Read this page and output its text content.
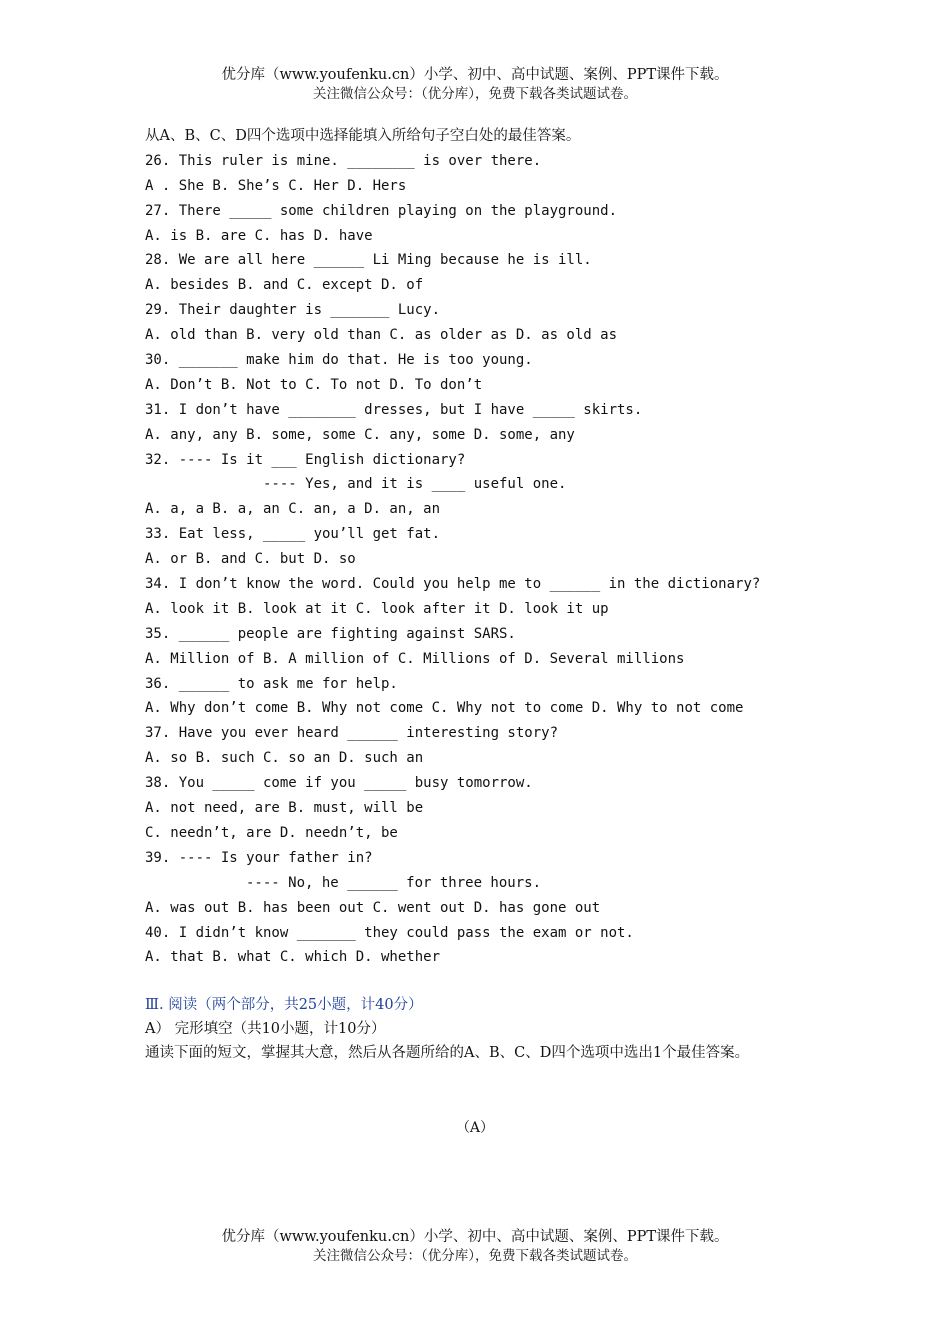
优分库（www.youfenku.cn）小学、初中、高中试题、案例、PPT课件下载。
关注微信公众号：（优分库），免费下载各类试题试卷。
从A、B、C、D四个选项中选择能填入所给句子空白处的最佳答案。
26. This ruler is mine. ________ is over there.
A . She B. She’s C. Her D. Hers
27. There _____ some children playing on the playground.
A. is B. are C. has D. have
28. We are all here ______ Li Ming because he is ill.
A. besides B. and C. except D. of
29. Their daughter is _______ Lucy.
A. old than B. very old than C. as older as D. as old as
30. _______ make him do that. He is too young.
A. Don’t B. Not to C. To not D. To don’t
31. I don’t have ________ dresses, but I have _____ skirts.
A. any, any B. some, some C. any, some D. some, any
32. ---- Is it ___ English dictionary?
---- Yes, and it is ____ useful one.
A. a, a B. a, an C. an, a D. an, an
33. Eat less, _____ you’ll get fat.
A. or B. and C. but D. so
34. I don’t know the word. Could you help me to ______ in the dictionary?
A. look it B. look at it C. look after it D. look it up
35. ______ people are fighting against SARS.
A. Million of B. A million of C. Millions of D. Several millions
36. ______ to ask me for help.
A. Why don’t come B. Why not come C. Why not to come D. Why to not come
37. Have you ever heard ______ interesting story?
A. so B. such C. so an D. such an
38. You _____ come if you _____ busy tomorrow.
A. not need, are B. must, will be
C. needn’t, are D. needn’t, be
39. ---- Is your father in?
---- No, he ______ for three hours.
A. was out B. has been out C. went out D. has gone out
40. I didn’t know _______ they could pass the exam or not.
A. that B. what C. which D. whether
Ⅲ. 阅读（两个部分，共25小题，计40分）
A） 完形填空（共10小题，计10分）
通读下面的短文，掌握其大意，然后从各题所给的A、B、C、D四个选项中选出1个最佳答案。
（A）
优分库（www.youfenku.cn）小学、初中、高中试题、案例、PPT课件下载。
关注微信公众号：（优分库），免费下载各类试题试卷。
